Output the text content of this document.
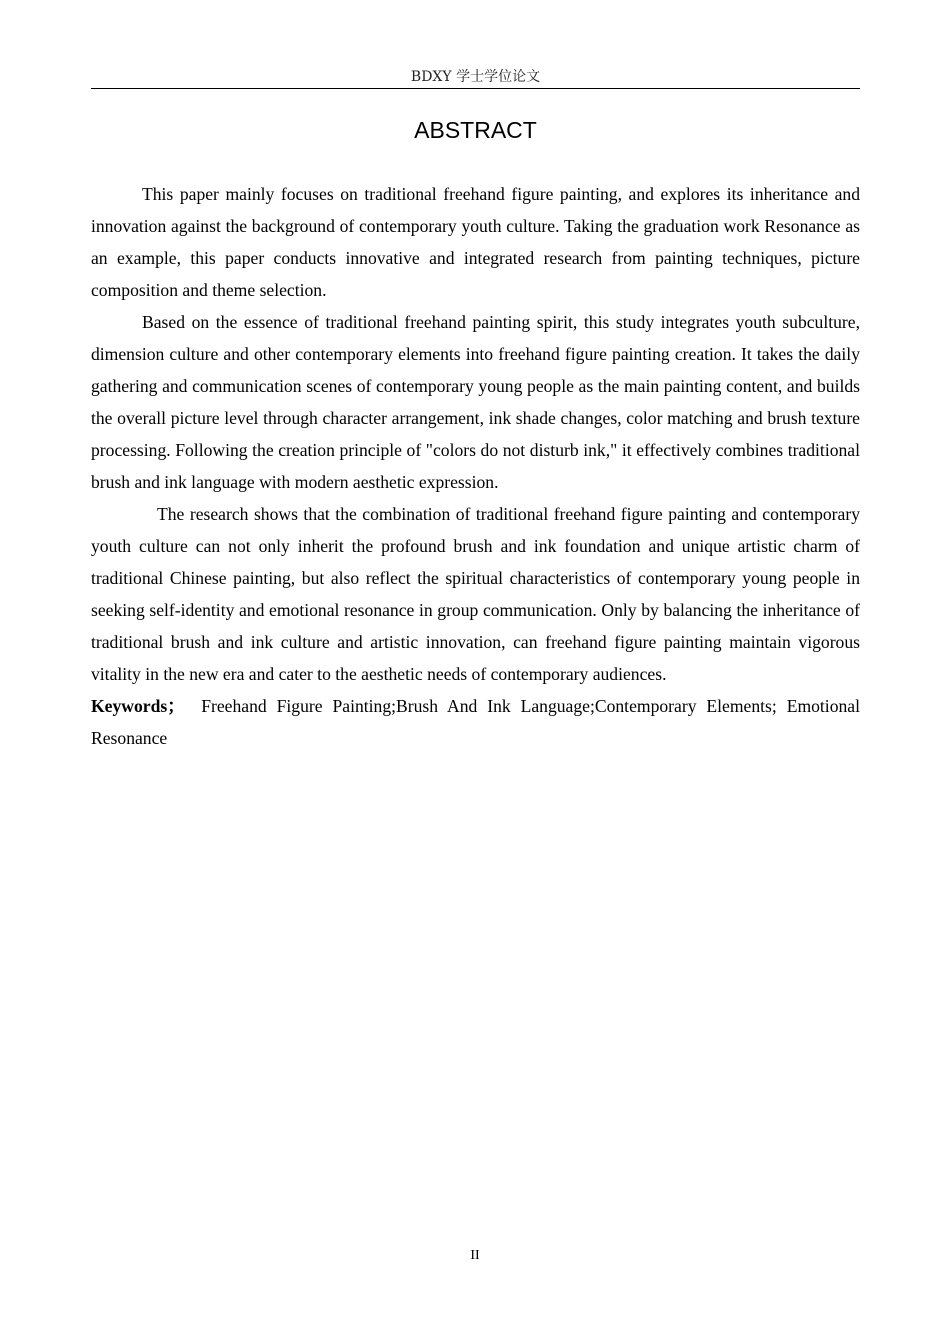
BDXY 学士学位论文
ABSTRACT

This paper mainly focuses on traditional freehand figure painting, and explores its inheritance and innovation against the background of contemporary youth culture. Taking the graduation work Resonance as an example, this paper conducts innovative and integrated research from painting techniques, picture composition and theme selection.

Based on the essence of traditional freehand painting spirit, this study integrates youth subculture, dimension culture and other contemporary elements into freehand figure painting creation. It takes the daily gathering and communication scenes of contemporary young people as the main painting content, and builds the overall picture level through character arrangement, ink shade changes, color matching and brush texture processing. Following the creation principle of "colors do not disturb ink," it effectively combines traditional brush and ink language with modern aesthetic expression.

The research shows that the combination of traditional freehand figure painting and contemporary youth culture can not only inherit the profound brush and ink foundation and unique artistic charm of traditional Chinese painting, but also reflect the spiritual characteristics of contemporary young people in seeking self-identity and emotional resonance in group communication. Only by balancing the inheritance of traditional brush and ink culture and artistic innovation, can freehand figure painting maintain vigorous vitality in the new era and cater to the aesthetic needs of contemporary audiences.

Keywords； Freehand Figure Painting;Brush And Ink Language;Contemporary Elements; Emotional Resonance

II
